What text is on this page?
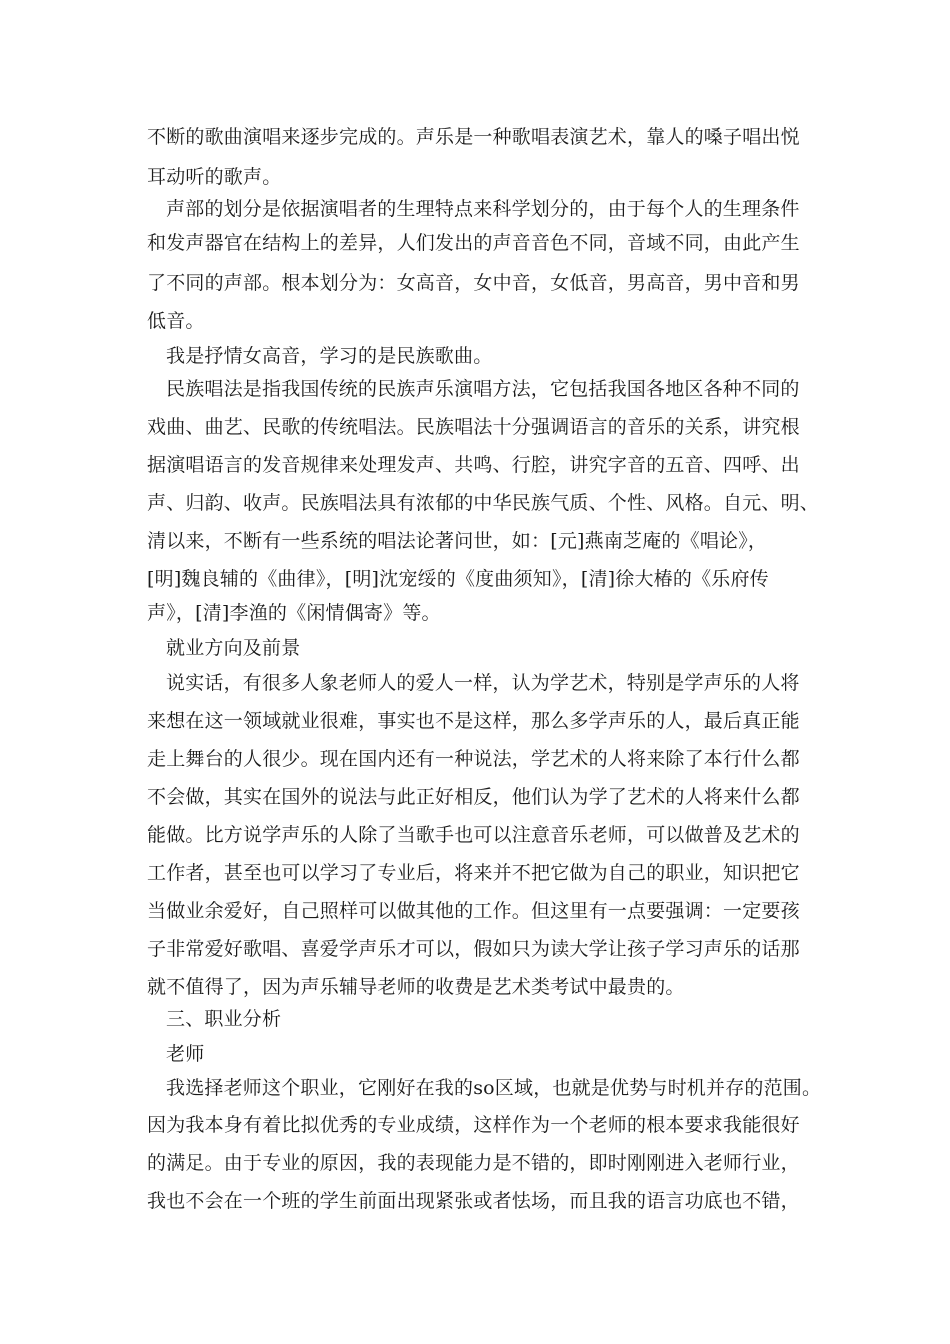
不断的歌曲演唱来逐步完成的。声乐是一种歌唱表演艺术，靠人的嗓子唱出悦
耳动听的歌声。
声部的划分是依据演唱者的生理特点来科学划分的，由于每个人的生理条件
和发声器官在结构上的差异，人们发出的声音音色不同，音域不同，由此产生
了不同的声部。根本划分为：女高音，女中音，女低音，男高音，男中音和男
低音。
我是抒情女高音，学习的是民族歌曲。
民族唱法是指我国传统的民族声乐演唱方法，它包括我国各地区各种不同的
戏曲、曲艺、民歌的传统唱法。民族唱法十分强调语言的音乐的关系，讲究根
据演唱语言的发音规律来处理发声、共鸣、行腔，讲究字音的五音、四呼、出
声、归韵、收声。民族唱法具有浓郁的中华民族气质、个性、风格。自元、明、
清以来，不断有一些系统的唱法论著问世，如：[元]燕南芝庵的《唱论》，
[明]魏良辅的《曲律》，[明]沈宠绥的《度曲须知》，[清]徐大椿的《乐府传
声》，[清]李渔的《闲情偶寄》等。
就业方向及前景
说实话，有很多人象老师人的爱人一样，认为学艺术，特别是学声乐的人将
来想在这一领域就业很难，事实也不是这样，那么多学声乐的人，最后真正能
走上舞台的人很少。现在国内还有一种说法，学艺术的人将来除了本行什么都
不会做，其实在国外的说法与此正好相反，他们认为学了艺术的人将来什么都
能做。比方说学声乐的人除了当歌手也可以注意音乐老师，可以做普及艺术的
工作者，甚至也可以学习了专业后，将来并不把它做为自己的职业，知识把它
当做业余爱好，自己照样可以做其他的工作。但这里有一点要强调：一定要孩
子非常爱好歌唱、喜爱学声乐才可以，假如只为读大学让孩子学习声乐的话那
就不值得了，因为声乐辅导老师的收费是艺术类考试中最贵的。
三、职业分析
老师
我选择老师这个职业，它刚好在我的so区域，也就是优势与时机并存的范围。
因为我本身有着比拟优秀的专业成绩，这样作为一个老师的根本要求我能很好
的满足。由于专业的原因，我的表现能力是不错的，即时刚刚进入老师行业，
我也不会在一个班的学生前面出现紧张或者怯场，而且我的语言功底也不错，
